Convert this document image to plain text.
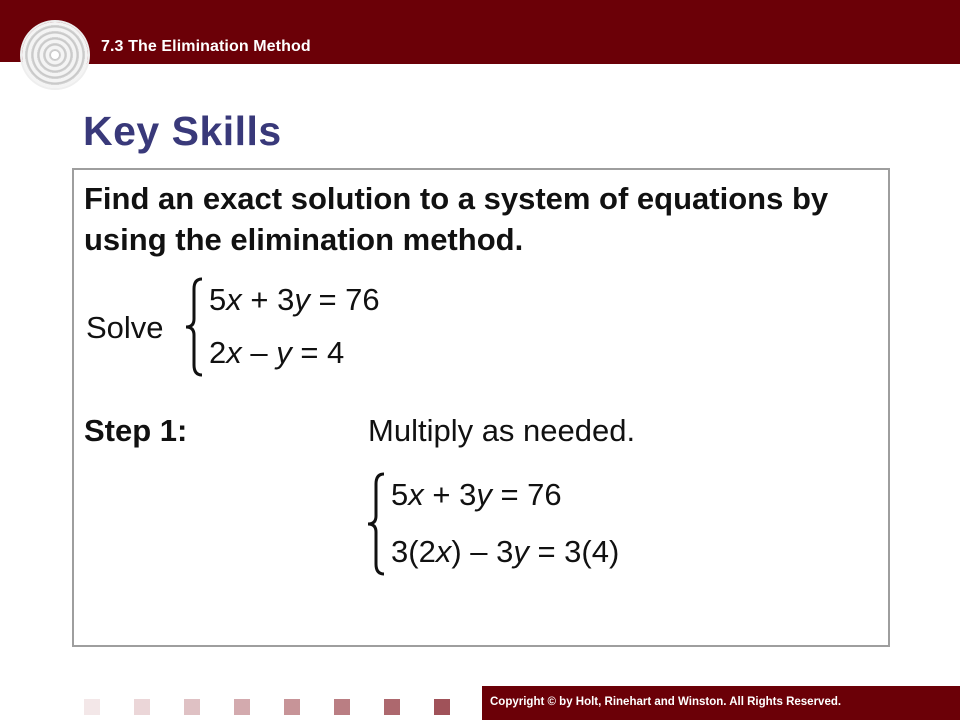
7.3 The Elimination Method
Key Skills
Find an exact solution to a system of equations by using the elimination method.
Solve
5x + 3y = 76
2x – y = 4
Step 1:	Multiply as needed.
5x + 3y = 76
3(2x) – 3y = 3(4)
Copyright © by Holt, Rinehart and Winston. All Rights Reserved.
